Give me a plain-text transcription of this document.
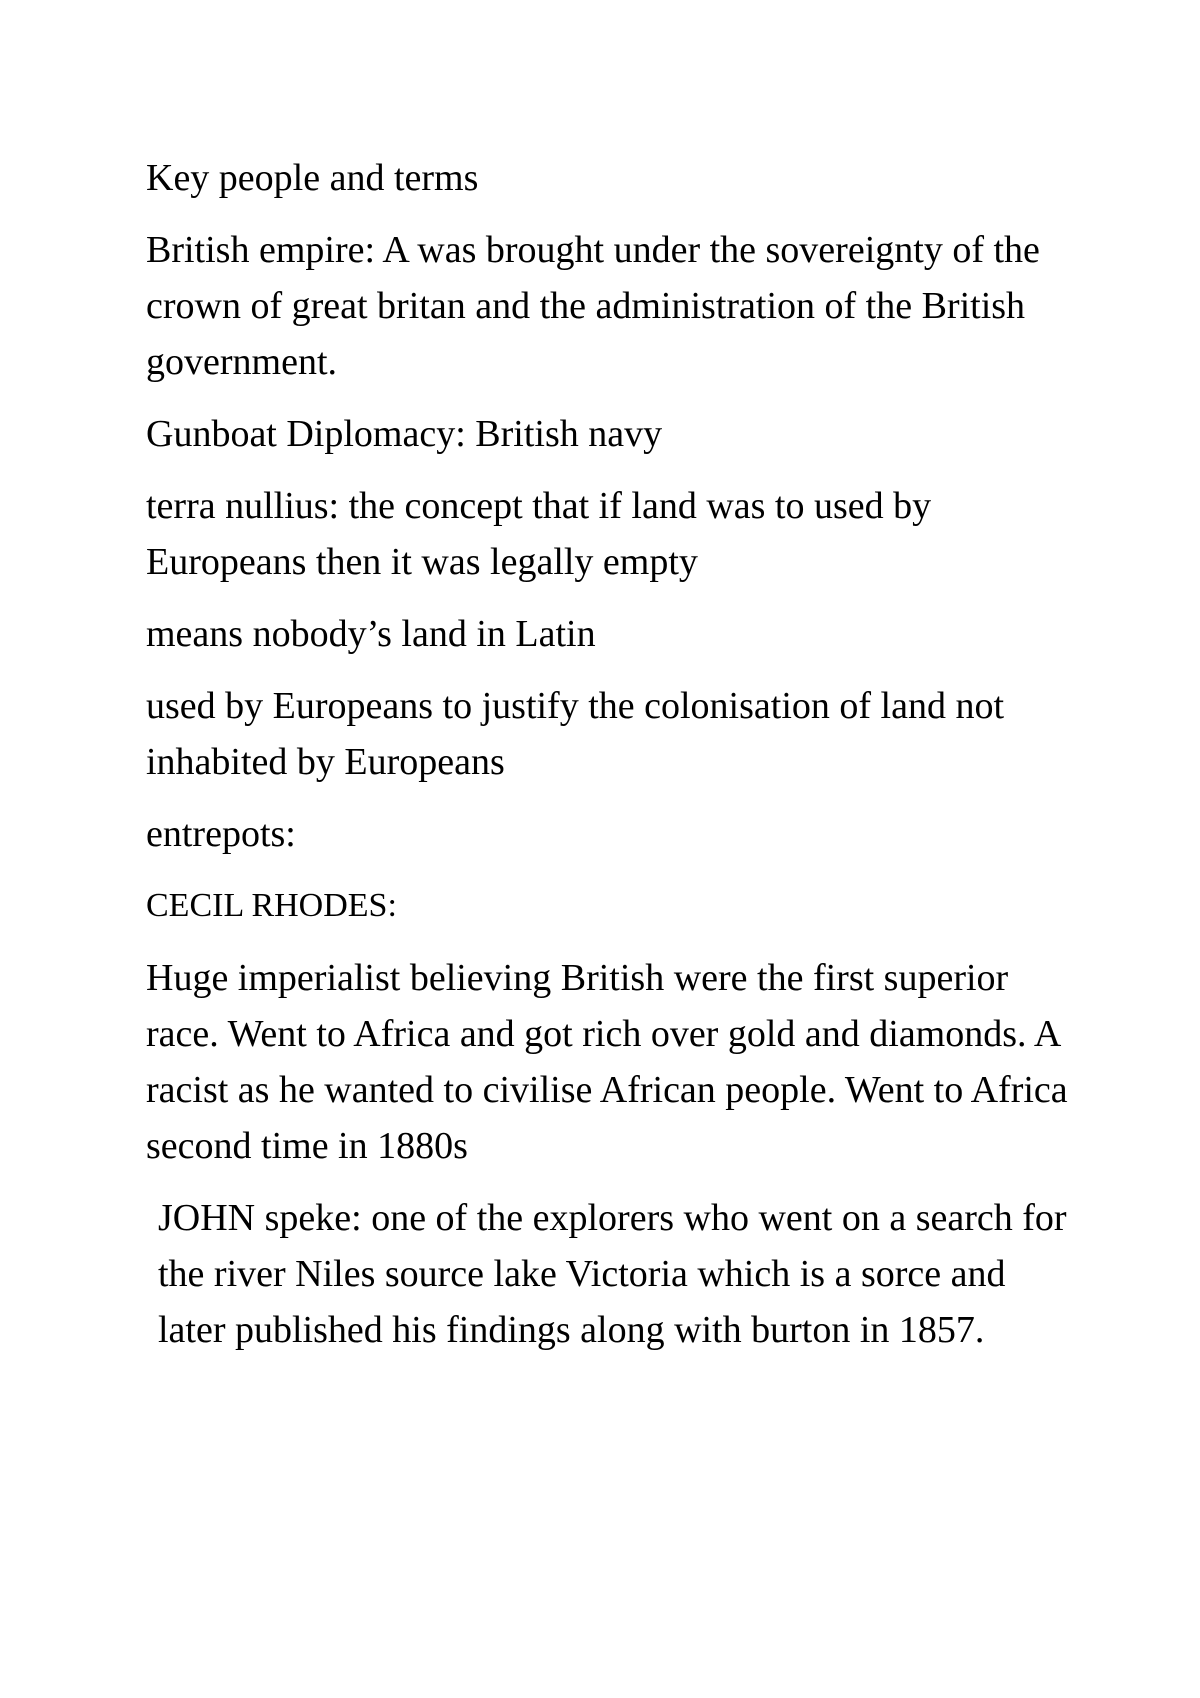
Key people and terms

British empire: A was brought under the sovereignty of the crown of great britan and the administration of the British government.

Gunboat Diplomacy: British navy

terra nullius: the concept that if land was to used by Europeans then it was legally empty

means nobody’s land in Latin

used by Europeans to justify the colonisation of land not inhabited by Europeans

entrepots:

CECIL RHODES:

Huge imperialist believing British were the first superior race. Went to Africa and got rich over gold and diamonds. A racist as he wanted to civilise African people. Went to Africa second time in 1880s

JOHN speke: one of the explorers who went on a search for the river Niles source lake Victoria which is a sorce and later published his findings along with burton in 1857.
